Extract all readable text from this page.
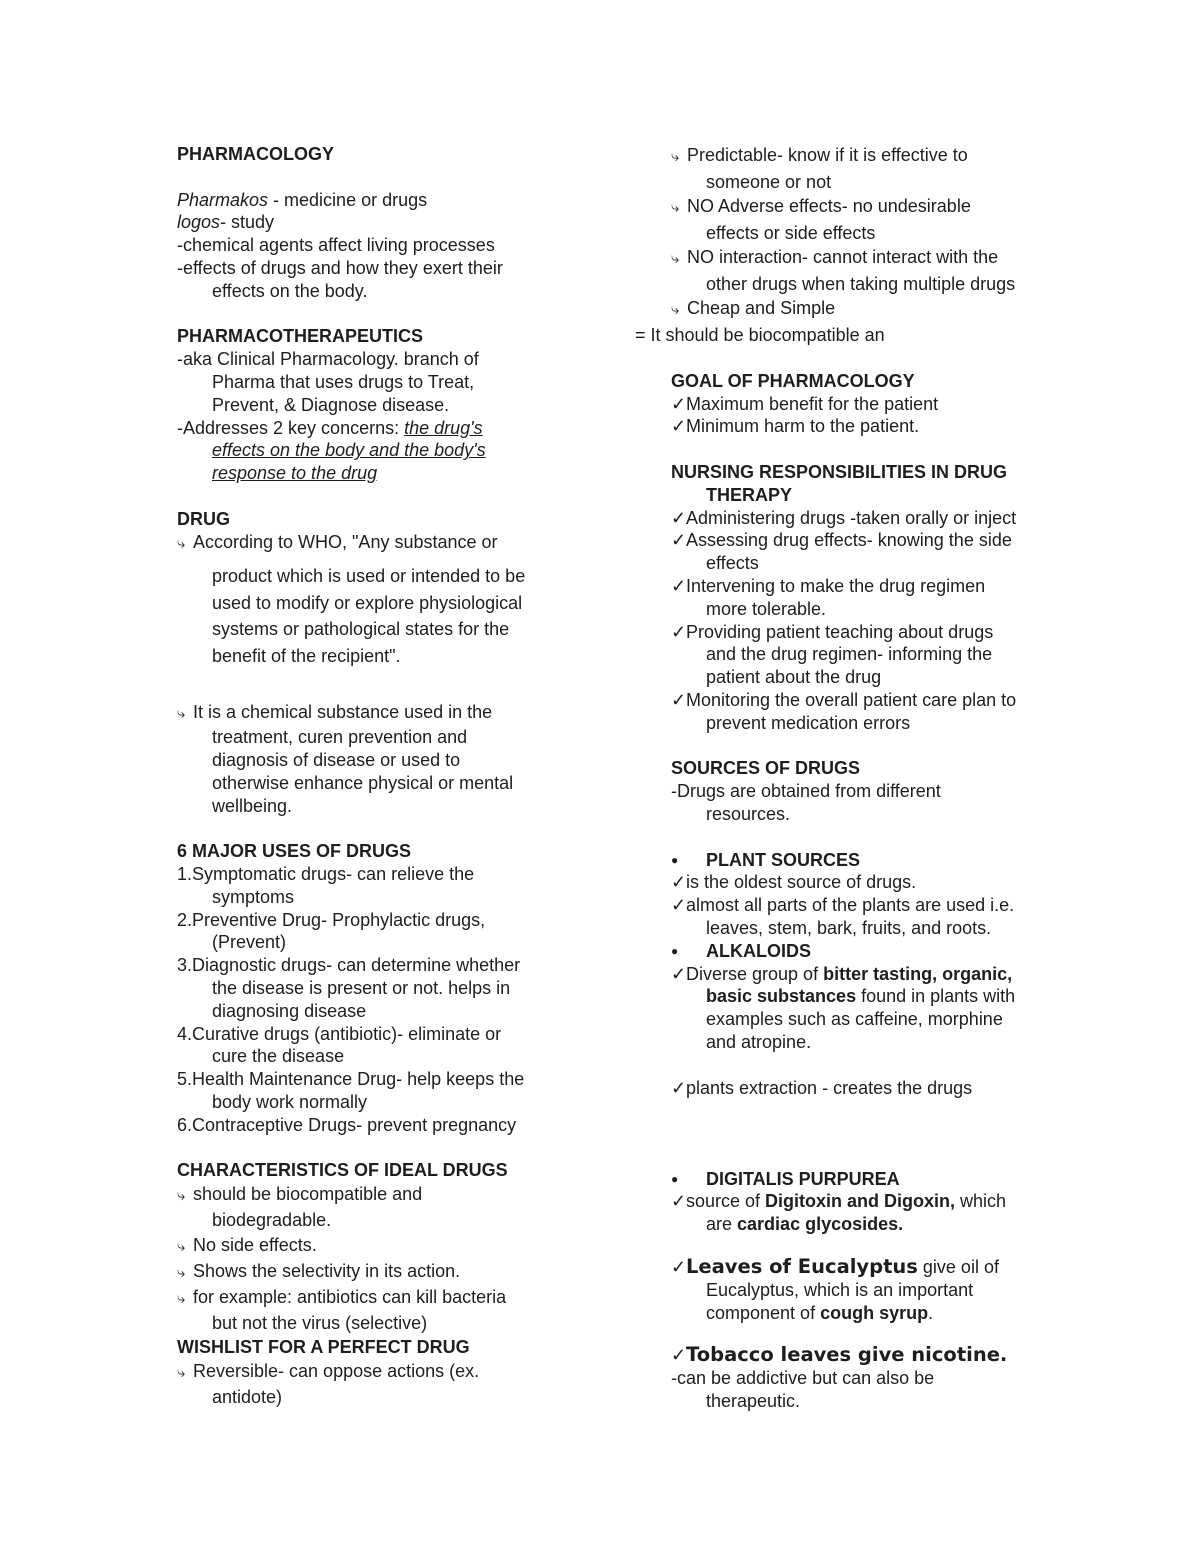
PHARMACOLOGY
Pharmakos - medicine or drugs
logos- study
-chemical agents affect living processes
-effects of drugs and how they exert their
effects on the body.
PHARMACOTHERAPEUTICS
-aka Clinical Pharmacology. branch of
Pharma that uses drugs to Treat,
Prevent, & Diagnose disease.
-Addresses 2 key concerns: the drug's
effects on the body and the body's
response to the drug
DRUG
⤷ According to WHO, "Any substance or
product which is used or intended to be
used to modify or explore physiological
systems or pathological states for the
benefit of the recipient".
⤷ It is a chemical substance used in the
treatment, curen prevention and
diagnosis of disease or used to
otherwise enhance physical or mental
wellbeing.
6 MAJOR USES OF DRUGS
1.Symptomatic drugs- can relieve the
symptoms
2.Preventive Drug- Prophylactic drugs,
(Prevent)
3.Diagnostic drugs- can determine whether
the disease is present or not. helps in
diagnosing disease
4.Curative drugs (antibiotic)- eliminate or
cure the disease
5.Health Maintenance Drug- help keeps the
body work normally
6.Contraceptive Drugs- prevent pregnancy
CHARACTERISTICS OF IDEAL DRUGS
⤷ should be biocompatible and
biodegradable.
⤷ No side effects.
⤷ Shows the selectivity in its action.
⤷ for example: antibiotics can kill bacteria
but not the virus (selective)
WISHLIST FOR A PERFECT DRUG
⤷ Reversible- can oppose actions (ex.
antidote)
⤷ Predictable- know if it is effective to
someone or not
⤷ NO Adverse effects- no undesirable
effects or side effects
⤷ NO interaction- cannot interact with the
other drugs when taking multiple drugs
⤷ Cheap and Simple
= It should be biocompatible an
GOAL OF PHARMACOLOGY
✓Maximum benefit for the patient
✓Minimum harm to the patient.
NURSING RESPONSIBILITIES IN DRUG
THERAPY
✓Administering drugs -taken orally or inject
✓Assessing drug effects- knowing the side
effects
✓Intervening to make the drug regimen
more tolerable.
✓Providing patient teaching about drugs
and the drug regimen- informing the
patient about the drug
✓Monitoring the overall patient care plan to
prevent medication errors
SOURCES OF DRUGS
-Drugs are obtained from different
resources.
● PLANT SOURCES
✓is the oldest source of drugs.
✓almost all parts of the plants are used i.e.
leaves, stem, bark, fruits, and roots.
● ALKALOIDS
✓Diverse group of bitter tasting, organic,
basic substances found in plants with
examples such as caffeine, morphine
and atropine.
✓plants extraction - creates the drugs
● DIGITALIS PURPUREA
✓source of Digitoxin and Digoxin, which
are cardiac glycosides.
✓Leaves of Eucalyptus give oil of
Eucalyptus, which is an important
component of cough syrup.
✓Tobacco leaves give nicotine.
-can be addictive but can also be
therapeutic.
